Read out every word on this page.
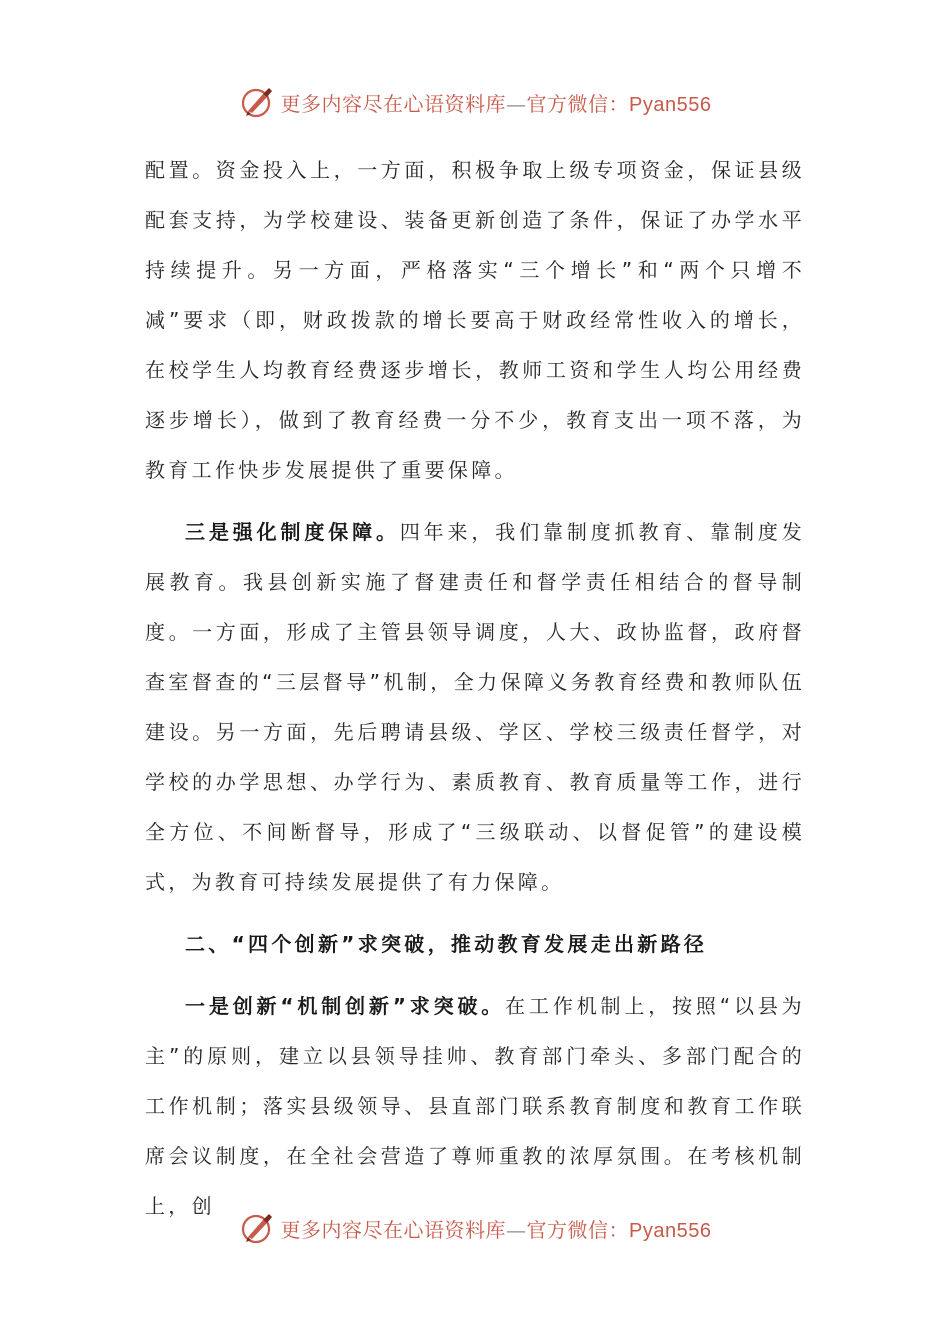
更多内容尽在心语资料库—官方微信：Pyan556

配置。资金投入上，一方面，积极争取上级专项资金，保证县级配套支持，为学校建设、装备更新创造了条件，保证了办学水平持续提升。另一方面，严格落实“三个增长”和“两个只增不减”要求（即，财政拨款的增长要高于财政经常性收入的增长，在校学生人均教育经费逐步增长，教师工资和学生人均公用经费逐步增长），做到了教育经费一分不少，教育支出一项不落，为教育工作快步发展提供了重要保障。

三是强化制度保障。四年来，我们靠制度抓教育、靠制度发展教育。我县创新实施了督建责任和督学责任相结合的督导制度。一方面，形成了主管县领导调度，人大、政协监督，政府督查室督查的“三层督导”机制，全力保障义务教育经费和教师队伍建设。另一方面，先后聘请县级、学区、学校三级责任督学，对学校的办学思想、办学行为、素质教育、教育质量等工作，进行全方位、不间断督导，形成了“三级联动、以督促管”的建设模式，为教育可持续发展提供了有力保障。

二、“四个创新”求突破，推动教育发展走出新路径

一是创新“机制创新”求突破。在工作机制上，按照“以县为主”的原则，建立以县领导挂帅、教育部门牵头、多部门配合的工作机制；落实县级领导、县直部门联系教育制度和教育工作联席会议制度，在全社会营造了尊师重教的浓厚氛围。在考核机制上，创

更多内容尽在心语资料库—官方微信：Pyan556
